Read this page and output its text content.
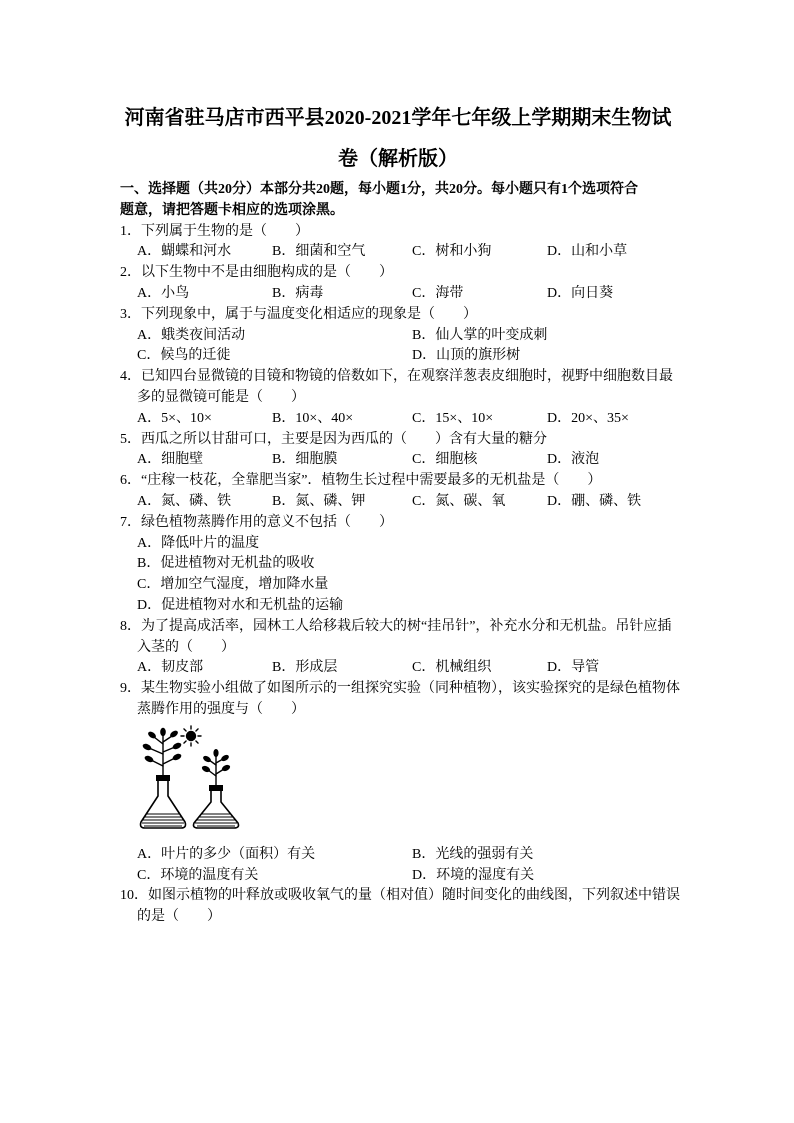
河南省驻马店市西平县2020-2021学年七年级上学期期末生物试
卷（解析版）
一、选择题（共20分）本部分共20题，每小题1分，共20分。每小题只有1个选项符合
题意，请把答题卡相应的选项涂黑。
1．下列属于生物的是（　　）
A．蝴蝶和河水	B．细菌和空气	C．树和小狗	D．山和小草
2．以下生物中不是由细胞构成的是（　　）
A．小鸟	B．病毒	C．海带	D．向日葵
3．下列现象中，属于与温度变化相适应的现象是（　　）
A．蛾类夜间活动	B．仙人掌的叶变成刺
C．候鸟的迁徙	D．山顶的旗形树
4．已知四台显微镜的目镜和物镜的倍数如下，在观察洋葱表皮细胞时，视野中细胞数目最
多的显微镜可能是（　　）
A．5×、10×	B．10×、40×	C．15×、10×	D．20×、35×
5．西瓜之所以甘甜可口，主要是因为西瓜的（　　）含有大量的糖分
A．细胞壁	B．细胞膜	C．细胞核	D．液泡
6．“庄稼一枝花，全靠肥当家”．植物生长过程中需要最多的无机盐是（　　）
A．氮、磷、铁	B．氮、磷、钾	C．氮、碳、氧	D．硼、磷、铁
7．绿色植物蒸腾作用的意义不包括（　　）
A．降低叶片的温度
B．促进植物对无机盐的吸收
C．增加空气湿度，增加降水量
D．促进植物对水和无机盐的运输
8．为了提高成活率，园林工人给移栽后较大的树“挂吊针”，补充水分和无机盐。吊针应插
入茎的（　　）
A．韧皮部	B．形成层	C．机械组织	D．导管
9．某生物实验小组做了如图所示的一组探究实验（同种植物），该实验探究的是绿色植物体
蒸腾作用的强度与（　　）
A．叶片的多少（面积）有关	B．光线的强弱有关
C．环境的温度有关	D．环境的湿度有关
10．如图示植物的叶释放或吸收氧气的量（相对值）随时间变化的曲线图，下列叙述中错误
的是（　　）
